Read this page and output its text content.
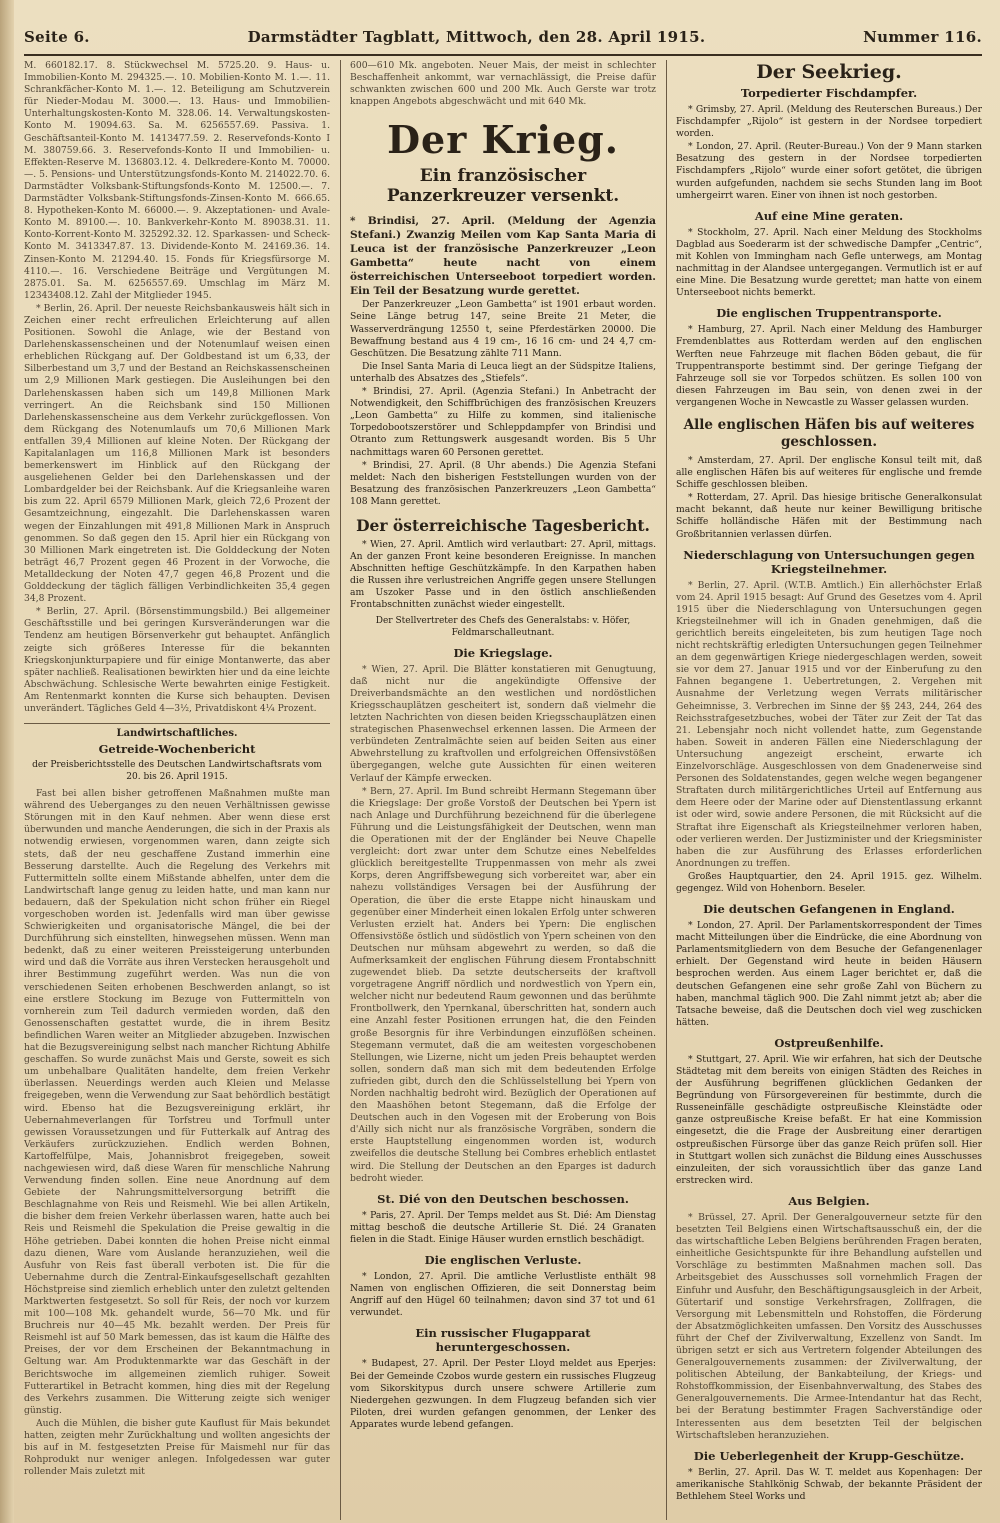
Seite 6.	Darmstädter Tagblatt, Mittwoch, den 28. April 1915.	Nummer 116.

M. 660182.17. 8. Stückwechsel M. 5725.20. 9. Haus- u. Immobilien-Konto M. 294325.—. 10. Mobilien-Konto M. 1.—. 11. Schrankfächer-Konto M. 1.—. 12. Beteiligung am Schutzverein für Nieder-Modau M. 3000.—. 13. Haus- und Immobilien-Unterhaltungskosten-Konto M. 328.06. 14. Verwaltungskosten-Konto M. 19094.63. Sa. M. 6256557.69. Passiva. 1. Geschäftsanteil-Konto M. 1413477.59. 2. Reservefonds-Konto I M. 380759.66. 3. Reservefonds-Konto II und Immobilien- u. Effekten-Reserve M. 136803.12. 4. Delkredere-Konto M. 70000.—. 5. Pensions- und Unterstützungsfonds-Konto M. 214022.70. 6. Darmstädter Volksbank-Stiftungsfonds-Konto M. 12500.—. 7. Darmstädter Volksbank-Stiftungsfonds-Zinsen-Konto M. 666.65. 8. Hypotheken-Konto M. 66000.—. 9. Akzeptationen- und Avale-Konto M. 89100.—. 10. Bankverkehr-Konto M. 89038.31. 11. Konto-Korrent-Konto M. 325292.32. 12. Sparkassen- und Scheck-Konto M. 3413347.87. 13. Dividende-Konto M. 24169.36. 14. Zinsen-Konto M. 21294.40. 15. Fonds für Kriegsfürsorge M. 4110.—. 16. Verschiedene Beiträge und Vergütungen M. 2875.01. Sa. M. 6256557.69. Umschlag im März M. 12343408.12. Zahl der Mitglieder 1945.

* Berlin, 26. April. Der neueste Reichsbankausweis hält sich in Zeichen einer recht erfreulichen Erleichterung auf allen Positionen. Sowohl die Anlage, wie der Bestand von Darlehenskassenscheinen und der Notenumlauf weisen einen erheblichen Rückgang auf. Der Goldbestand ist um 6,33, der Silberbestand um 3,7 und der Bestand an Reichskassenscheinen um 2,9 Millionen Mark gestiegen. Die Ausleihungen bei den Darlehenskassen haben sich um 149,8 Millionen Mark verringert. An die Reichsbank sind 150 Millionen Darlehenskassenscheine aus dem Verkehr zurückgeflossen. Von dem Rückgang des Notenumlaufs um 70,6 Millionen Mark entfallen 39,4 Millionen auf kleine Noten. Der Rückgang der Kapitalanlagen um 116,8 Millionen Mark ist besonders bemerkenswert im Hinblick auf den Rückgang der ausgeliehenen Gelder bei den Darlehenskassen und der Lombardgelder bei der Reichsbank. Auf die Kriegsanleihe waren bis zum 22. April 6579 Millionen Mark, gleich 72,6 Prozent der Gesamtzeichnung, eingezahlt. Die Darlehenskassen waren wegen der Einzahlungen mit 491,8 Millionen Mark in Anspruch genommen. So daß gegen den 15. April hier ein Rückgang von 30 Millionen Mark eingetreten ist. Die Golddeckung der Noten beträgt 46,7 Prozent gegen 46 Prozent in der Vorwoche, die Metalldeckung der Noten 47,7 gegen 46,8 Prozent und die Golddeckung der täglich fälligen Verbindlichkeiten 35,4 gegen 34,8 Prozent.

* Berlin, 27. April. (Börsenstimmungsbild.) Bei allgemeiner Geschäftsstille und bei geringen Kursveränderungen war die Tendenz am heutigen Börsenverkehr gut behauptet. Anfänglich zeigte sich größeres Interesse für die bekannten Kriegskonjunkturpapiere und für einige Montanwerte, das aber später nachließ. Realisationen bewirkten hier und da eine leichte Abschwächung. Schlesische Werte bewahrten einige Festigkeit. Am Rentenmarkt konnten die Kurse sich behaupten. Devisen unverändert. Tägliches Geld 4—3½, Privatdiskont 4¼ Prozent.

Landwirtschaftliches.
Getreide-Wochenbericht
der Preisberichtsstelle des Deutschen Landwirtschaftsrats vom 20. bis 26. April 1915.

Fast bei allen bisher getroffenen Maßnahmen mußte man während des Ueberganges zu den neuen Verhältnissen gewisse Störungen mit in den Kauf nehmen. Aber wenn diese erst überwunden und manche Aenderungen, die sich in der Praxis als notwendig erwiesen, vorgenommen waren, dann zeigte sich stets, daß der neu geschaffene Zustand immerhin eine Besserung darstellte. Auch die Regelung des Verkehrs mit Futtermitteln sollte einem Mißstande abhelfen, unter dem die Landwirtschaft lange genug zu leiden hatte, und man kann nur bedauern, daß der Spekulation nicht schon früher ein Riegel vorgeschoben worden ist. Jedenfalls wird man über gewisse Schwierigkeiten und organisatorische Mängel, die bei der Durchführung sich einstellten, hinwegsehen müssen. Wenn man bedenkt, daß zu einer weiteren Preissteigerung unterbunden wird und daß die Vorräte aus ihren Verstecken herausgeholt und ihrer Bestimmung zugeführt werden. Was nun die von verschiedenen Seiten erhobenen Beschwerden anlangt, so ist eine erstlere Stockung im Bezuge von Futtermitteln von vornherein zum Teil dadurch vermieden worden, daß den Genossenschaften gestattet wurde, die in ihrem Besitz befindlichen Waren weiter an Mitglieder abzugeben. Inzwischen hat die Bezugsvereinigung selbst nach mancher Richtung Abhilfe geschaffen. So wurde zunächst Mais und Gerste, soweit es sich um unbehalbare Qualitäten handelte, dem freien Verkehr überlassen. Neuerdings werden auch Kleien und Melasse freigegeben, wenn die Verwendung zur Saat behördlich bestätigt wird. Ebenso hat die Bezugsvereinigung erklärt, ihr Uebernahmeverlangen für Torfstreu und Torfmull unter gewissen Voraussetzungen und für Futterkalk auf Antrag des Verkäufers zurückzuziehen. Endlich werden Bohnen, Kartoffelfülpe, Mais, Johannisbrot freigegeben, soweit nachgewiesen wird, daß diese Waren für menschliche Nahrung Verwendung finden sollen. Eine neue Anordnung auf dem Gebiete der Nahrungsmittelversorgung betrifft die Beschlagnahme von Reis und Reismehl. Wie bei allen Artikeln, die bisher dem freien Verkehr überlassen waren, hatte auch bei Reis und Reismehl die Spekulation die Preise gewaltig in die Höhe getrieben. Dabei konnten die hohen Preise nicht einmal dazu dienen, Ware vom Auslande heranzuziehen, weil die Ausfuhr von Reis fast überall verboten ist. Die für die Uebernahme durch die Zentral-Einkaufsgesellschaft gezahlten Höchstpreise sind ziemlich erheblich unter den zuletzt geltenden Marktwerten festgesetzt. So soll für Reis, der noch vor kurzem mit 100—108 Mk. gehandelt wurde, 56—70 Mk. und für Bruchreis nur 40—45 Mk. bezahlt werden. Der Preis für Reismehl ist auf 50 Mark bemessen, das ist kaum die Hälfte des Preises, der vor dem Erscheinen der Bekanntmachung in Geltung war. Am Produktenmarkte war das Geschäft in der Berichtswoche im allgemeinen ziemlich ruhiger. Soweit Futterartikel in Betracht kommen, hing dies mit der Regelung des Verkehrs zusammen. Die Witterung zeigte sich weniger günstig.

Auch die Mühlen, die bisher gute Kauflust für Mais bekundet hatten, zeigten mehr Zurückhaltung und wollten angesichts der bis auf in M. festgesetzten Preise für Maismehl nur für das Rohprodukt nur weniger anlegen. Infolgedessen war guter rollender Mais zuletzt mit

600—610 Mk. angeboten. Neuer Mais, der meist in schlechter Beschaffenheit ankommt, war vernachlässigt, die Preise dafür schwankten zwischen 600 und 200 Mk. Auch Gerste war trotz knappen Angebots abgeschwächt und mit 640 Mk.

Der Krieg.
Ein französischer Panzerkreuzer versenkt.

* Brindisi, 27. April. (Meldung der Agenzia Stefani.) Zwanzig Meilen vom Kap Santa Maria di Leuca ist der französische Panzerkreuzer „Leon Gambetta“ heute nacht von einem österreichischen Unterseeboot torpediert worden. Ein Teil der Besatzung wurde gerettet.

Der Panzerkreuzer „Leon Gambetta“ ist 1901 erbaut worden. Seine Länge betrug 147, seine Breite 21 Meter, die Wasserverdrängung 12550 t, seine Pferdestärken 20000. Die Bewaffnung bestand aus 4 19 cm-, 16 16 cm- und 24 4,7 cm-Geschützen. Die Besatzung zählte 711 Mann.

Die Insel Santa Maria di Leuca liegt an der Südspitze Italiens, unterhalb des Absatzes des „Stiefels“.

* Brindisi, 27. April. (Agenzia Stefani.) In Anbetracht der Notwendigkeit, den Schiffbrüchigen des französischen Kreuzers „Leon Gambetta“ zu Hilfe zu kommen, sind italienische Torpedobootszerstörer und Schleppdampfer von Brindisi und Otranto zum Rettungswerk ausgesandt worden. Bis 5 Uhr nachmittags waren 60 Personen gerettet.

* Brindisi, 27. April. (8 Uhr abends.) Die Agenzia Stefani meldet: Nach den bisherigen Feststellungen wurden von der Besatzung des französischen Panzerkreuzers „Leon Gambetta“ 108 Mann gerettet.

Der österreichische Tagesbericht.

* Wien, 27. April. Amtlich wird verlautbart: 27. April, mittags. An der ganzen Front keine besonderen Ereignisse. In manchen Abschnitten heftige Geschützkämpfe. In den Karpathen haben die Russen ihre verlustreichen Angriffe gegen unsere Stellungen am Uszoker Passe und in den östlich anschließenden Frontabschnitten zunächst wieder eingestellt.

Der Stellvertreter des Chefs des Generalstabs: v. Höfer, Feldmarschalleutnant.
Die Kriegslage.

* Wien, 27. April. Die Blätter konstatieren mit Genugtuung, daß nicht nur die angekündigte Offensive der Dreiverbandsmächte an den westlichen und nordöstlichen Kriegsschauplätzen gescheitert ist, sondern daß vielmehr die letzten Nachrichten von diesen beiden Kriegsschauplätzen einen strategischen Phasenwechsel erkennen lassen. Die Armeen der verbündeten Zentralmächte seien auf beiden Seiten aus einer Abwehrstellung zu kraftvollen und erfolgreichen Offensivstößen übergegangen, welche gute Aussichten für einen weiteren Verlauf der Kämpfe erwecken.

* Bern, 27. April. Im Bund schreibt Hermann Stegemann über die Kriegslage: Der große Vorstoß der Deutschen bei Ypern ist nach Anlage und Durchführung bezeichnend für die überlegene Führung und die Leistungsfähigkeit der Deutschen, wenn man die Operationen mit der der Engländer bei Neuve Chapelle vergleicht: dort zwar unter dem Schutze eines Nebelfeldes glücklich bereitgestellte Truppenmassen von mehr als zwei Korps, deren Angriffsbewegung sich vorbereitet war, aber ein nahezu vollständiges Versagen bei der Ausführung der Operation, die über die erste Etappe nicht hinauskam und gegenüber einer Minderheit einen lokalen Erfolg unter schweren Verlusten erzielt hat. Anders bei Ypern: Die englischen Offensivstöße östlich und südöstlich von Ypern scheinen von den Deutschen nur mühsam abgewehrt zu werden, so daß die Aufmerksamkeit der englischen Führung diesem Frontabschnitt zugewendet blieb. Da setzte deutscherseits der kraftvoll vorgetragene Angriff nördlich und nordwestlich von Ypern ein, welcher nicht nur bedeutend Raum gewonnen und das berühmte Frontbollwerk, den Ypernkanal, überschritten hat, sondern auch eine Anzahl fester Positionen errungen hat, die den Feinden große Besorgnis für ihre Verbindungen einzuflößen scheinen. Stegemann vermutet, daß die am weitesten vorgeschobenen Stellungen, wie Lizerne, nicht um jeden Preis behauptet werden sollen, sondern daß man sich mit dem bedeutenden Erfolge zufrieden gibt, durch den die Schlüsselstellung bei Ypern von Norden nachhaltig bedroht wird. Bezüglich der Operationen auf den Maashöhen betont Stegemann, daß die Erfolge der Deutschen auch in den Vogesen mit der Eroberung von Bois d'Ailly sich nicht nur als französische Vorgräben, sondern die erste Hauptstellung eingenommen worden ist, wodurch zweifellos die deutsche Stellung bei Combres erheblich entlastet wird. Die Stellung der Deutschen an den Eparges ist dadurch bedroht wieder.

St. Dié von den Deutschen beschossen.

* Paris, 27. April. Der Temps meldet aus St. Dié: Am Dienstag mittag beschoß die deutsche Artillerie St. Dié. 24 Granaten fielen in die Stadt. Einige Häuser wurden ernstlich beschädigt.

Die englischen Verluste.

* London, 27. April. Die amtliche Verlustliste enthält 98 Namen von englischen Offizieren, die seit Donnerstag beim Angriff auf den Hügel 60 teilnahmen; davon sind 37 tot und 61 verwundet.

Ein russischer Flugapparat heruntergeschossen.

* Budapest, 27. April. Der Pester Lloyd meldet aus Eperjes: Bei der Gemeinde Czobos wurde gestern ein russisches Flugzeug vom Sikorskitypus durch unsere schwere Artillerie zum Niedergehen gezwungen. In dem Flugzeug befanden sich vier Piloten, drei wurden gefangen genommen, der Lenker des Apparates wurde lebend gefangen.

Der Seekrieg.
Torpedierter Fischdampfer.

* Grimsby, 27. April. (Meldung des Reuterschen Bureaus.) Der Fischdampfer „Rijolo“ ist gestern in der Nordsee torpediert worden.

* London, 27. April. (Reuter-Bureau.) Von der 9 Mann starken Besatzung des gestern in der Nordsee torpedierten Fischdampfers „Rijolo“ wurde einer sofort getötet, die übrigen wurden aufgefunden, nachdem sie sechs Stunden lang im Boot umhergeirrt waren. Einer von ihnen ist noch gestorben.

Auf eine Mine geraten.

* Stockholm, 27. April. Nach einer Meldung des Stockholms Dagblad aus Soederarm ist der schwedische Dampfer „Centric“, mit Kohlen von Immingham nach Gefle unterwegs, am Montag nachmittag in der Alandsee untergegangen. Vermutlich ist er auf eine Mine. Die Besatzung wurde gerettet; man hatte von einem Unterseeboot nichts bemerkt.

Die englischen Truppentransporte.

* Hamburg, 27. April. Nach einer Meldung des Hamburger Fremdenblattes aus Rotterdam werden auf den englischen Werften neue Fahrzeuge mit flachen Böden gebaut, die für Truppentransporte bestimmt sind. Der geringe Tiefgang der Fahrzeuge soll sie vor Torpedos schützen. Es sollen 100 von diesen Fahrzeugen im Bau sein, von denen zwei in der vergangenen Woche in Newcastle zu Wasser gelassen wurden.

Alle englischen Häfen bis auf weiteres geschlossen.

* Amsterdam, 27. April. Der englische Konsul teilt mit, daß alle englischen Häfen bis auf weiteres für englische und fremde Schiffe geschlossen bleiben.

* Rotterdam, 27. April. Das hiesige britische Generalkonsulat macht bekannt, daß heute nur keiner Bewilligung britische Schiffe holländische Häfen mit der Bestimmung nach Großbritannien verlassen dürfen.

Niederschlagung von Untersuchungen gegen Kriegsteilnehmer.

* Berlin, 27. April. (W.T.B. Amtlich.) Ein allerhöchster Erlaß vom 24. April 1915 besagt: Auf Grund des Gesetzes vom 4. April 1915 über die Niederschlagung von Untersuchungen gegen Kriegsteilnehmer will ich in Gnaden genehmigen, daß die gerichtlich bereits eingeleiteten, bis zum heutigen Tage noch nicht rechtskräftig erledigten Untersuchungen gegen Teilnehmer an dem gegenwärtigen Kriege niedergeschlagen werden, soweit sie vor dem 27. Januar 1915 und vor der Einberufung zu den Fahnen begangene 1. Uebertretungen, 2. Vergehen mit Ausnahme der Verletzung wegen Verrats militärischer Geheimnisse, 3. Verbrechen im Sinne der §§ 243, 244, 264 des Reichsstrafgesetzbuches, wobei der Täter zur Zeit der Tat das 21. Lebensjahr noch nicht vollendet hatte, zum Gegenstande haben. Soweit in anderen Fällen eine Niederschlagung der Untersuchung angezeigt erscheint, erwarte ich Einzelvorschläge. Ausgeschlossen von dem Gnadenerweise sind Personen des Soldatenstandes, gegen welche wegen begangener Straftaten durch militärgerichtliches Urteil auf Entfernung aus dem Heere oder der Marine oder auf Dienstentlassung erkannt ist oder wird, sowie andere Personen, die mit Rücksicht auf die Straftat ihre Eigenschaft als Kriegsteilnehmer verloren haben, oder verlieren werden. Der Justizminister und der Kriegsminister haben die zur Ausführung des Erlasses erforderlichen Anordnungen zu treffen.

Großes Hauptquartier, den 24. April 1915. gez. Wilhelm. gegengez. Wild von Hohenborn. Beseler.

Die deutschen Gefangenen in England.

* London, 27. April. Der Parlamentskorrespondent der Times macht Mitteilungen über die Eindrücke, die eine Abordnung von Parlamentsmitgliedern von dem Besuche der Gefangenenlager erhielt. Der Gegenstand wird heute in beiden Häusern besprochen werden. Aus einem Lager berichtet er, daß die deutschen Gefangenen eine sehr große Zahl von Büchern zu haben, manchmal täglich 900. Die Zahl nimmt jetzt ab; aber die Tatsache beweise, daß die Deutschen doch viel weg zuschicken hätten.

Ostpreußenhilfe.

* Stuttgart, 27. April. Wie wir erfahren, hat sich der Deutsche Städtetag mit dem bereits von einigen Städten des Reiches in der Ausführung begriffenen glücklichen Gedanken der Begründung von Fürsorgevereinen für bestimmte, durch die Russeneinfälle geschädigte ostpreußische Kleinstädte oder ganze ostpreußische Kreise befaßt. Er hat eine Kommission eingesetzt, die die Frage der Ausbreitung einer derartigen ostpreußischen Fürsorge über das ganze Reich prüfen soll. Hier in Stuttgart wollen sich zunächst die Bildung eines Ausschusses einzuleiten, der sich voraussichtlich über das ganze Land erstrecken wird.

Aus Belgien.

* Brüssel, 27. April. Der Generalgouverneur setzte für den besetzten Teil Belgiens einen Wirtschaftsausschuß ein, der die das wirtschaftliche Leben Belgiens berührenden Fragen beraten, einheitliche Gesichtspunkte für ihre Behandlung aufstellen und Vorschläge zu bestimmten Maßnahmen machen soll. Das Arbeitsgebiet des Ausschusses soll vornehmlich Fragen der Einfuhr und Ausfuhr, den Beschäftigungsausgleich in der Arbeit, Gütertarif und sonstige Verkehrsfragen, Zollfragen, die Versorgung mit Lebensmitteln und Rohstoffen, die Förderung der Absatzmöglichkeiten umfassen. Den Vorsitz des Ausschusses führt der Chef der Zivilverwaltung, Exzellenz von Sandt. Im übrigen setzt er sich aus Vertretern folgender Abteilungen des Generalgouvernements zusammen: der Zivilverwaltung, der politischen Abteilung, der Bankabteilung, der Kriegs- und Rohstoffkommission, der Eisenbahnverwaltung, des Stabes des Generalgouvernements. Die Armee-Intendantur hat das Recht, bei der Beratung bestimmter Fragen Sachverständige oder Interessenten aus dem besetzten Teil der belgischen Wirtschaftsleben heranzuziehen.

Die Ueberlegenheit der Krupp-Geschütze.

* Berlin, 27. April. Das W. T. meldet aus Kopenhagen: Der amerikanische Stahlkönig Schwab, der bekannte Präsident der Bethlehem Steel Works und
